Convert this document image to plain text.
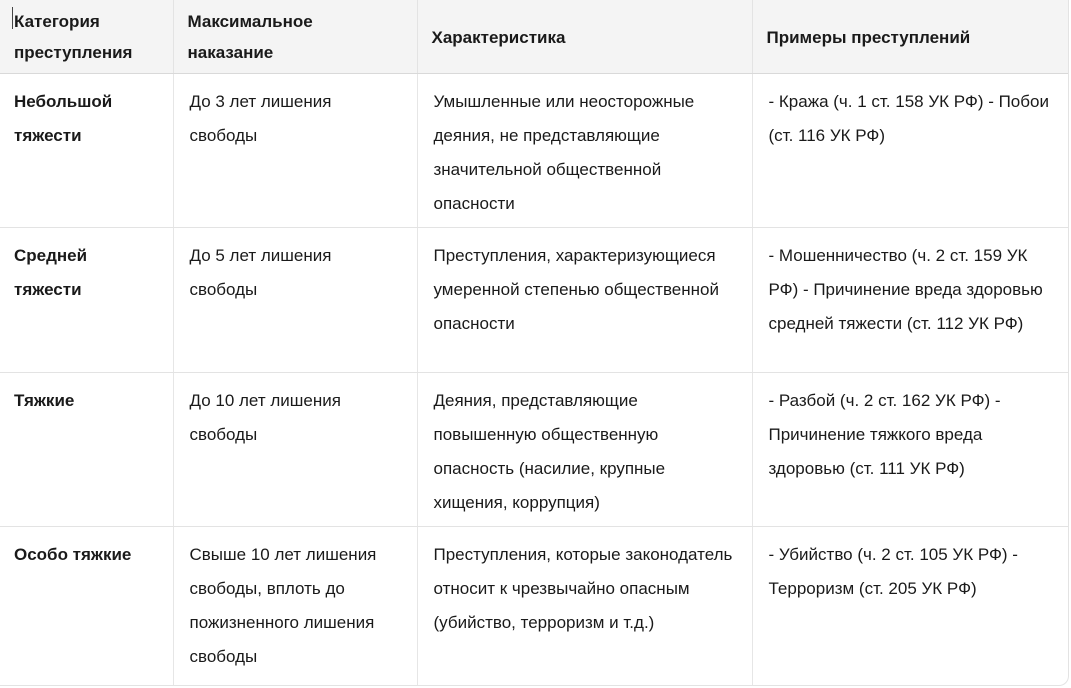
Категория преступления	Максимальное наказание	Характеристика	Примеры преступлений
Небольшой тяжести	До 3 лет лишения свободы	Умышленные или неосторожные деяния, не представляющие значительной общественной опасности	- Кража (ч. 1 ст. 158 УК РФ) - Побои (ст. 116 УК РФ)
Средней тяжести	До 5 лет лишения свободы	Преступления, характеризующиеся умеренной степенью общественной опасности	- Мошенничество (ч. 2 ст. 159 УК РФ) - Причинение вреда здоровью средней тяжести (ст. 112 УК РФ)
Тяжкие	До 10 лет лишения свободы	Деяния, представляющие повышенную общественную опасность (насилие, крупные хищения, коррупция)	- Разбой (ч. 2 ст. 162 УК РФ) - Причинение тяжкого вреда здоровью (ст. 111 УК РФ)
Особо тяжкие	Свыше 10 лет лишения свободы, вплоть до пожизненного лишения свободы	Преступления, которые законодатель относит к чрезвычайно опасным (убийство, терроризм и т.д.)	- Убийство (ч. 2 ст. 105 УК РФ) - Терроризм (ст. 205 УК РФ)
